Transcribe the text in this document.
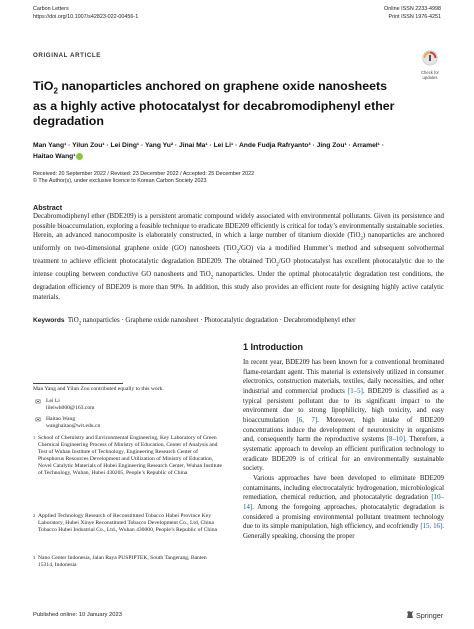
Carbon Letters
https://doi.org/10.1007/s42823-022-00456-1
Online ISSN 2233-4998
Print ISSN 1976-4251
ORIGINAL ARTICLE
Check for
updates
TiO$_2$ nanoparticles anchored on graphene oxide nanosheets as a highly active photocatalyst for decabromodiphenyl ether degradation
Man Yang¹ · Yilun Zou¹ · Lei Ding¹ · Yang Yu² · Jinai Ma¹ · Lei Li¹ · Ande Fudja Rafryanto³ · Jing Zou¹ · Arramel¹ ·
Haitao Wang¹
Received: 20 September 2022 / Revised: 23 December 2022 / Accepted: 25 December 2022
© The Author(s), under exclusive licence to Korean Carbon Society 2023
Abstract

Decabromodiphenyl ether (BDE209) is a persistent aromatic compound widely associated with environmental pollutants. Given its persistence and possible bioaccumulation, exploring a feasible technique to eradicate BDE209 efficiently is critical for today’s environmentally sustainable societies. Herein, an advanced nanocomposite is elaborately constructed, in which a large number of titanium dioxide (TiO$_2$) nanoparticles are anchored uniformly on two-dimensional graphene oxide (GO) nanosheets (TiO$_2$/GO) via a modified Hummer’s method and subsequent solvothermal treatment to achieve efficient photocatalytic degradation BDE209. The obtained TiO$_2$/GO photocatalyst has excellent photocatalytic due to the intense coupling between conductive GO nanosheets and TiO$_2$ nanoparticles. Under the optimal photocatalytic degradation test conditions, the degradation efficiency of BDE209 is more than 90%. In addition, this study also provides an efficient route for designing highly active catalytic materials.

Keywords TiO$_2$ nanoparticles · Graphene oxide nanosheet · Photocatalytic degradation · Decabromodiphenyl ether
Man Yang and Yilun Zou contributed equally to this work.
✉ Lei Li
lileiwh000@163.com
✉ Haitao Wang
wanghaitao@wit.edu.cn
1 School of Chemistry and Environmental Engineering, Key Laboratory of Green Chemical Engineering Process of Ministry of Education, Center of Analysis and Test of Wuhan Institute of Technology, Engineering Research Center of Phosphorus Resources Development and Utilization of Ministry of Education, Novel Catalytic Materials of Hubei Engineering Research Center, Wuhan Institute of Technology, Wuhan, Hubei 430205, People’s Republic of China
2 Applied Technology Research of Reconstituted Tobacco Hubei Province Key Laboratory, Hubei Xinye Reconstituted Tobacco Development Co., Ltd, China Tobacco Hubei Industrial Co., Ltd., Wuhan 430000, People’s Republic of China
3 Nano Center Indonesia, Jalan Raya PUSPIPTEK, South Tangerang, Banten 15314, Indonesia
1 Introduction

In recent year, BDE209 has been known for a conventional brominated flame-retardant agent. This material is extensively utilized in consumer electronics, construction materials, textiles, daily necessities, and other industrial and commercial products [1–5]. BDE209 is classified as a typical persistent pollutant due to its significant impact to the environment due to strong lipophilicity, high toxicity, and easy bioaccumulation [6, 7]. Moreover, high intake of BDE209 concentrations induce the development of neurotoxicity in organisms and, consequently harm the reproductive systems [8–10]. Therefore, a systematic approach to develop an efficient purification technology to eradicate BDE209 is of critical for an environmentally sustainable society.

Various approaches have been developed to eliminate BDE209 contaminants, including electrocatalytic hydrogenation, microbiological remediation, chemical reduction, and photocatalytic degradation [10–14]. Among the foregoing approaches, photocatalytic degradation is considered a promising environmental pollutant treatment technology due to its simple manipulation, high efficiency, and ecofriendly [15, 16]. Generally speaking, choosing the proper

Published online: 10 January 2023	Springer
